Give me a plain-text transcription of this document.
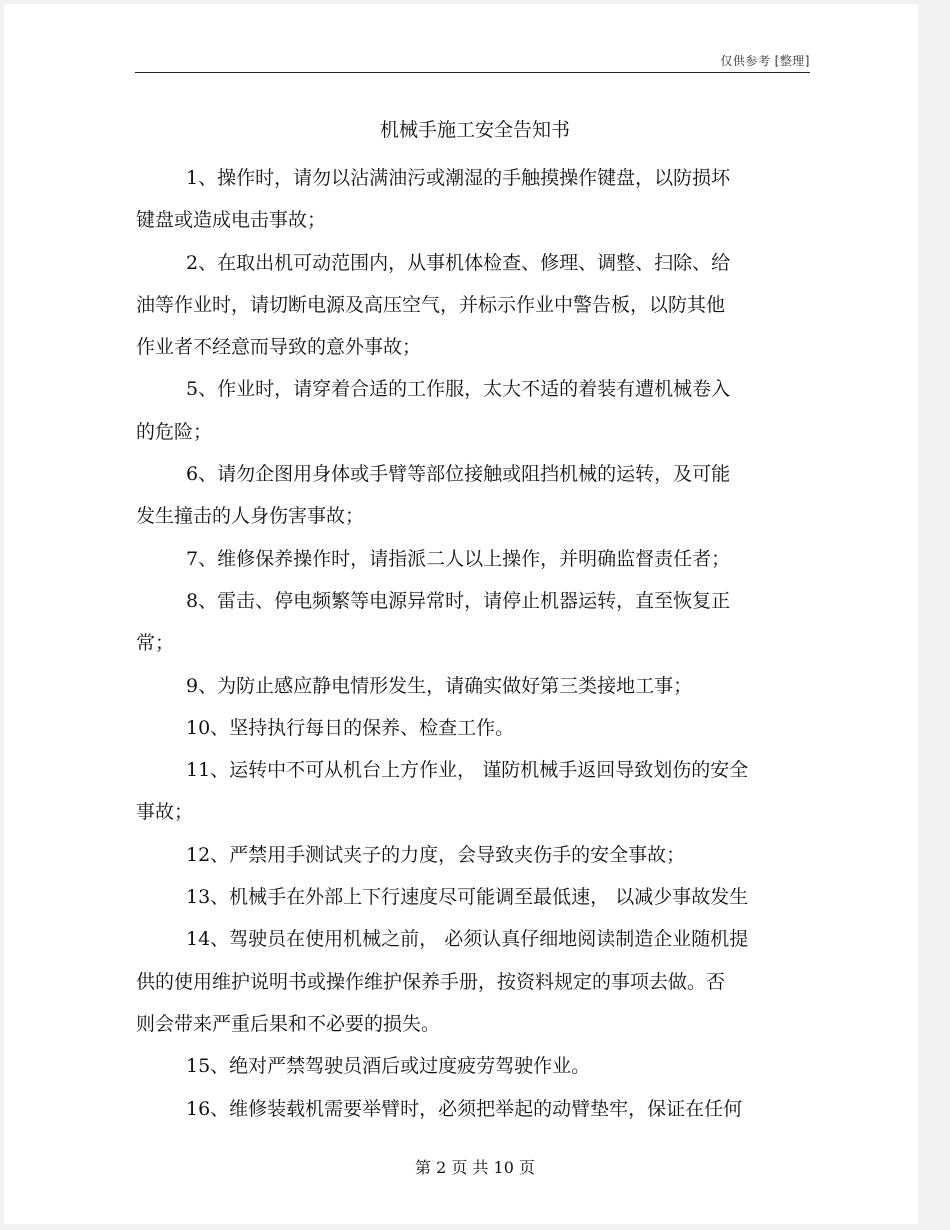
仅供参考 [整理]
机械手施工安全告知书
1、操作时，请勿以沾满油污或潮湿的手触摸操作键盘，以防损坏
键盘或造成电击事故；
2、在取出机可动范围内，从事机体检查、修理、调整、扫除、给
油等作业时，请切断电源及高压空气，并标示作业中警告板，以防其他
作业者不经意而导致的意外事故；
5、作业时，请穿着合适的工作服，太大不适的着装有遭机械卷入
的危险；
6、请勿企图用身体或手臂等部位接触或阻挡机械的运转，及可能
发生撞击的人身伤害事故；
7、维修保养操作时，请指派二人以上操作，并明确监督责任者；
8、雷击、停电频繁等电源异常时，请停止机器运转，直至恢复正
常；
9、为防止感应静电情形发生，请确实做好第三类接地工事；
10、坚持执行每日的保养、检查工作。
11、运转中不可从机台上方作业， 谨防机械手返回导致划伤的安全
事故；
12、严禁用手测试夹子的力度，会导致夹伤手的安全事故；
13、机械手在外部上下行速度尽可能调至最低速， 以减少事故发生
14、驾驶员在使用机械之前， 必须认真仔细地阅读制造企业随机提
供的使用维护说明书或操作维护保养手册，按资料规定的事项去做。否
则会带来严重后果和不必要的损失。
15、绝对严禁驾驶员酒后或过度疲劳驾驶作业。
16、维修装载机需要举臂时，必须把举起的动臂垫牢，保证在任何
第 2 页 共 10 页
